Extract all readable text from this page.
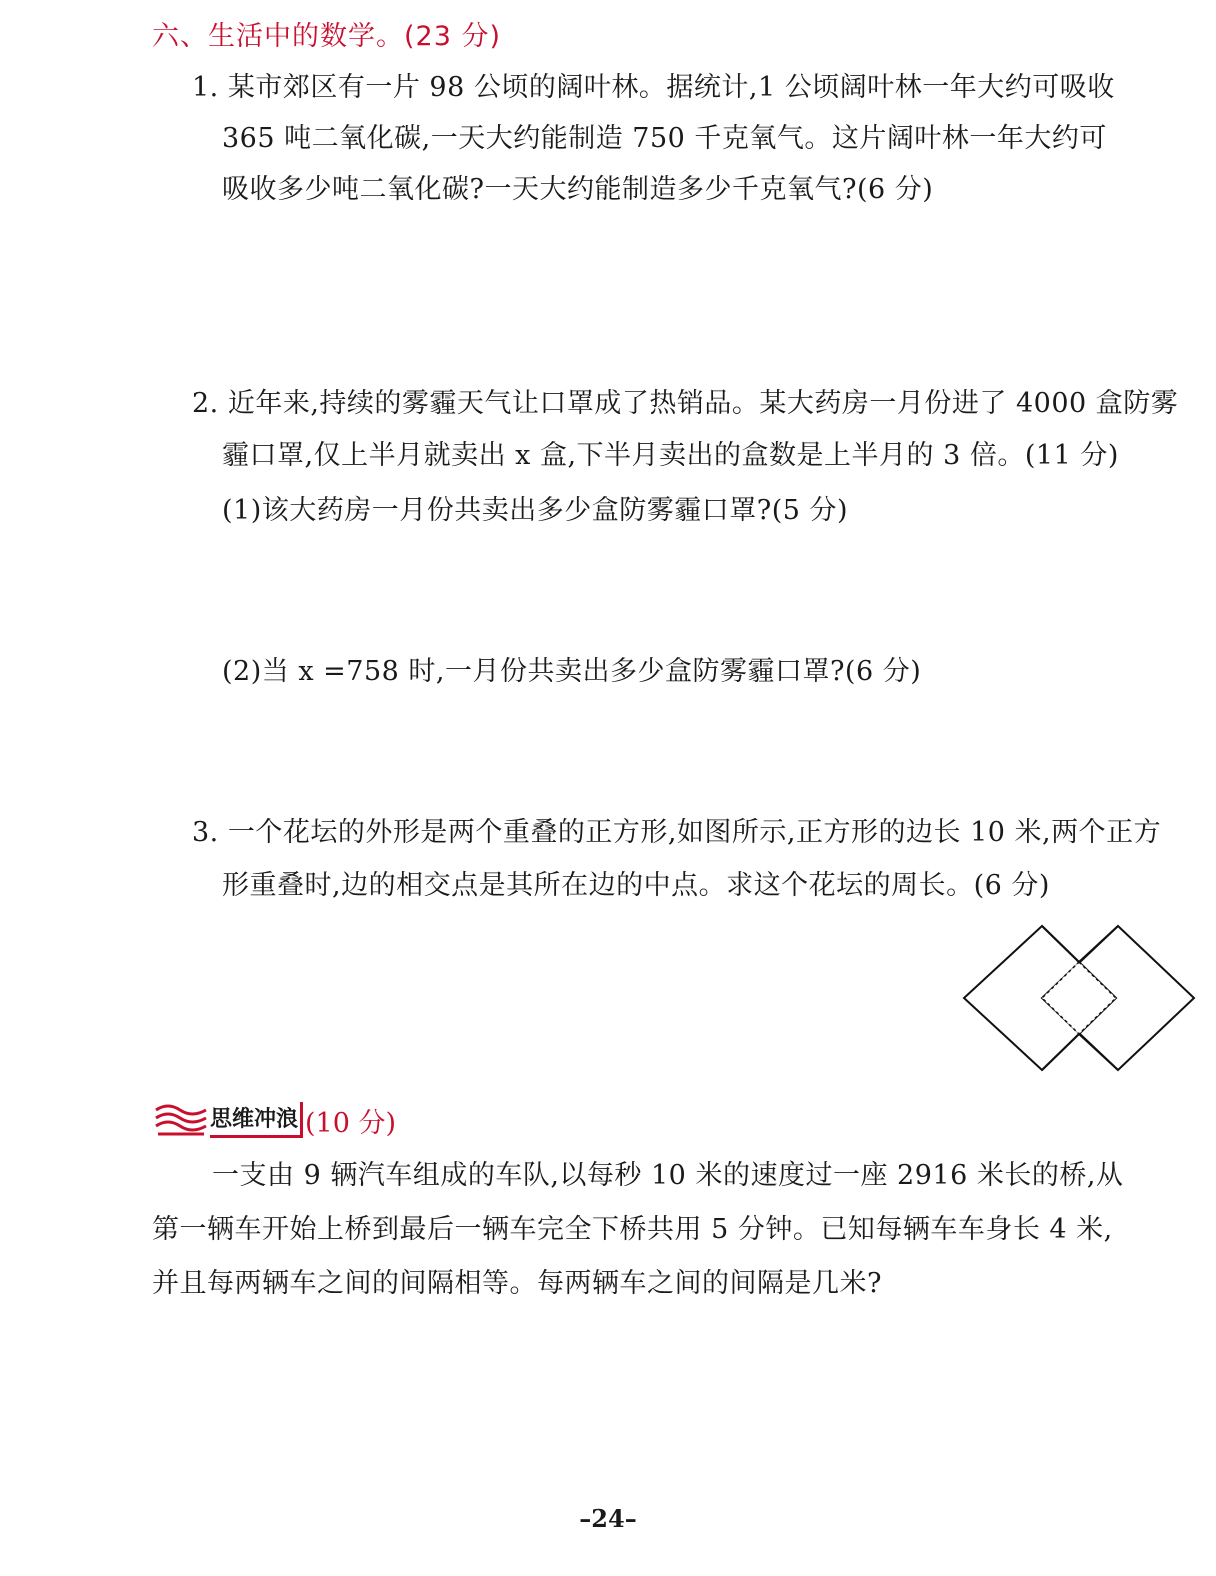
六、生活中的数学。(23 分)
1. 某市郊区有一片 98 公顷的阔叶林。据统计,1 公顷阔叶林一年大约可吸收
365 吨二氧化碳,一天大约能制造 750 千克氧气。这片阔叶林一年大约可
吸收多少吨二氧化碳?一天大约能制造多少千克氧气?(6 分)
2. 近年来,持续的雾霾天气让口罩成了热销品。某大药房一月份进了 4000 盒防雾
霾口罩,仅上半月就卖出 x 盒,下半月卖出的盒数是上半月的 3 倍。(11 分)
(1)该大药房一月份共卖出多少盒防雾霾口罩?(5 分)
(2)当 x =758 时,一月份共卖出多少盒防雾霾口罩?(6 分)
3. 一个花坛的外形是两个重叠的正方形,如图所示,正方形的边长 10 米,两个正方
形重叠时,边的相交点是其所在边的中点。求这个花坛的周长。(6 分)
思维冲浪 (10 分)
一支由 9 辆汽车组成的车队,以每秒 10 米的速度过一座 2916 米长的桥,从
第一辆车开始上桥到最后一辆车完全下桥共用 5 分钟。已知每辆车车身长 4 米,
并且每两辆车之间的间隔相等。每两辆车之间的间隔是几米?
–24–
